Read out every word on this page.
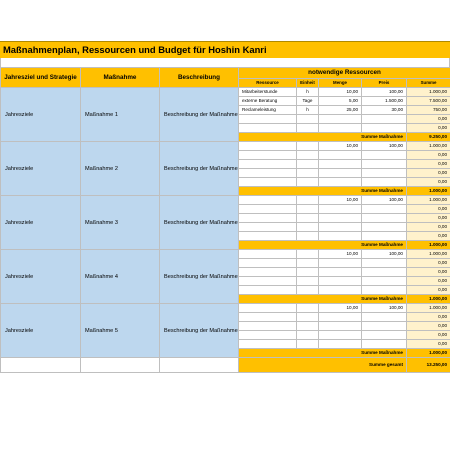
Maßnahmenplan, Ressourcen und Budget für Hoshin Kanri
Jahresziel und Strategie	Maßnahme	Beschreibung	notwendige Ressourcen				
			Ressource	Einheit	Menge	Preis	Summe
Jahresziele	Maßnahme 1	Beschreibung der Maßnahme	Mitarbeiterstunde	h	10,00	100,00	1.000,00
			externe Beratung	Tage	5,00	1.500,00	7.500,00
			Reclameleistung	h	25,00	30,00	750,00
							0,00
							0,00
			Summe Maßnahme				9.250,00
Jahresziele	Maßnahme 2	Beschreibung der Maßnahme			10,00	100,00	1.000,00
							0,00
							0,00
							0,00
							0,00
			Summe Maßnahme				1.000,00
Jahresziele	Maßnahme 3	Beschreibung der Maßnahme			10,00	100,00	1.000,00
							0,00
							0,00
							0,00
							0,00
			Summe Maßnahme				1.000,00
Jahresziele	Maßnahme 4	Beschreibung der Maßnahme			10,00	100,00	1.000,00
							0,00
							0,00
							0,00
							0,00
			Summe Maßnahme				1.000,00
Jahresziele	Maßnahme 5	Beschreibung der Maßnahme			10,00	100,00	1.000,00
							0,00
							0,00
							0,00
							0,00
			Summe Maßnahme				1.000,00
			Summe gesamt				13.250,00
